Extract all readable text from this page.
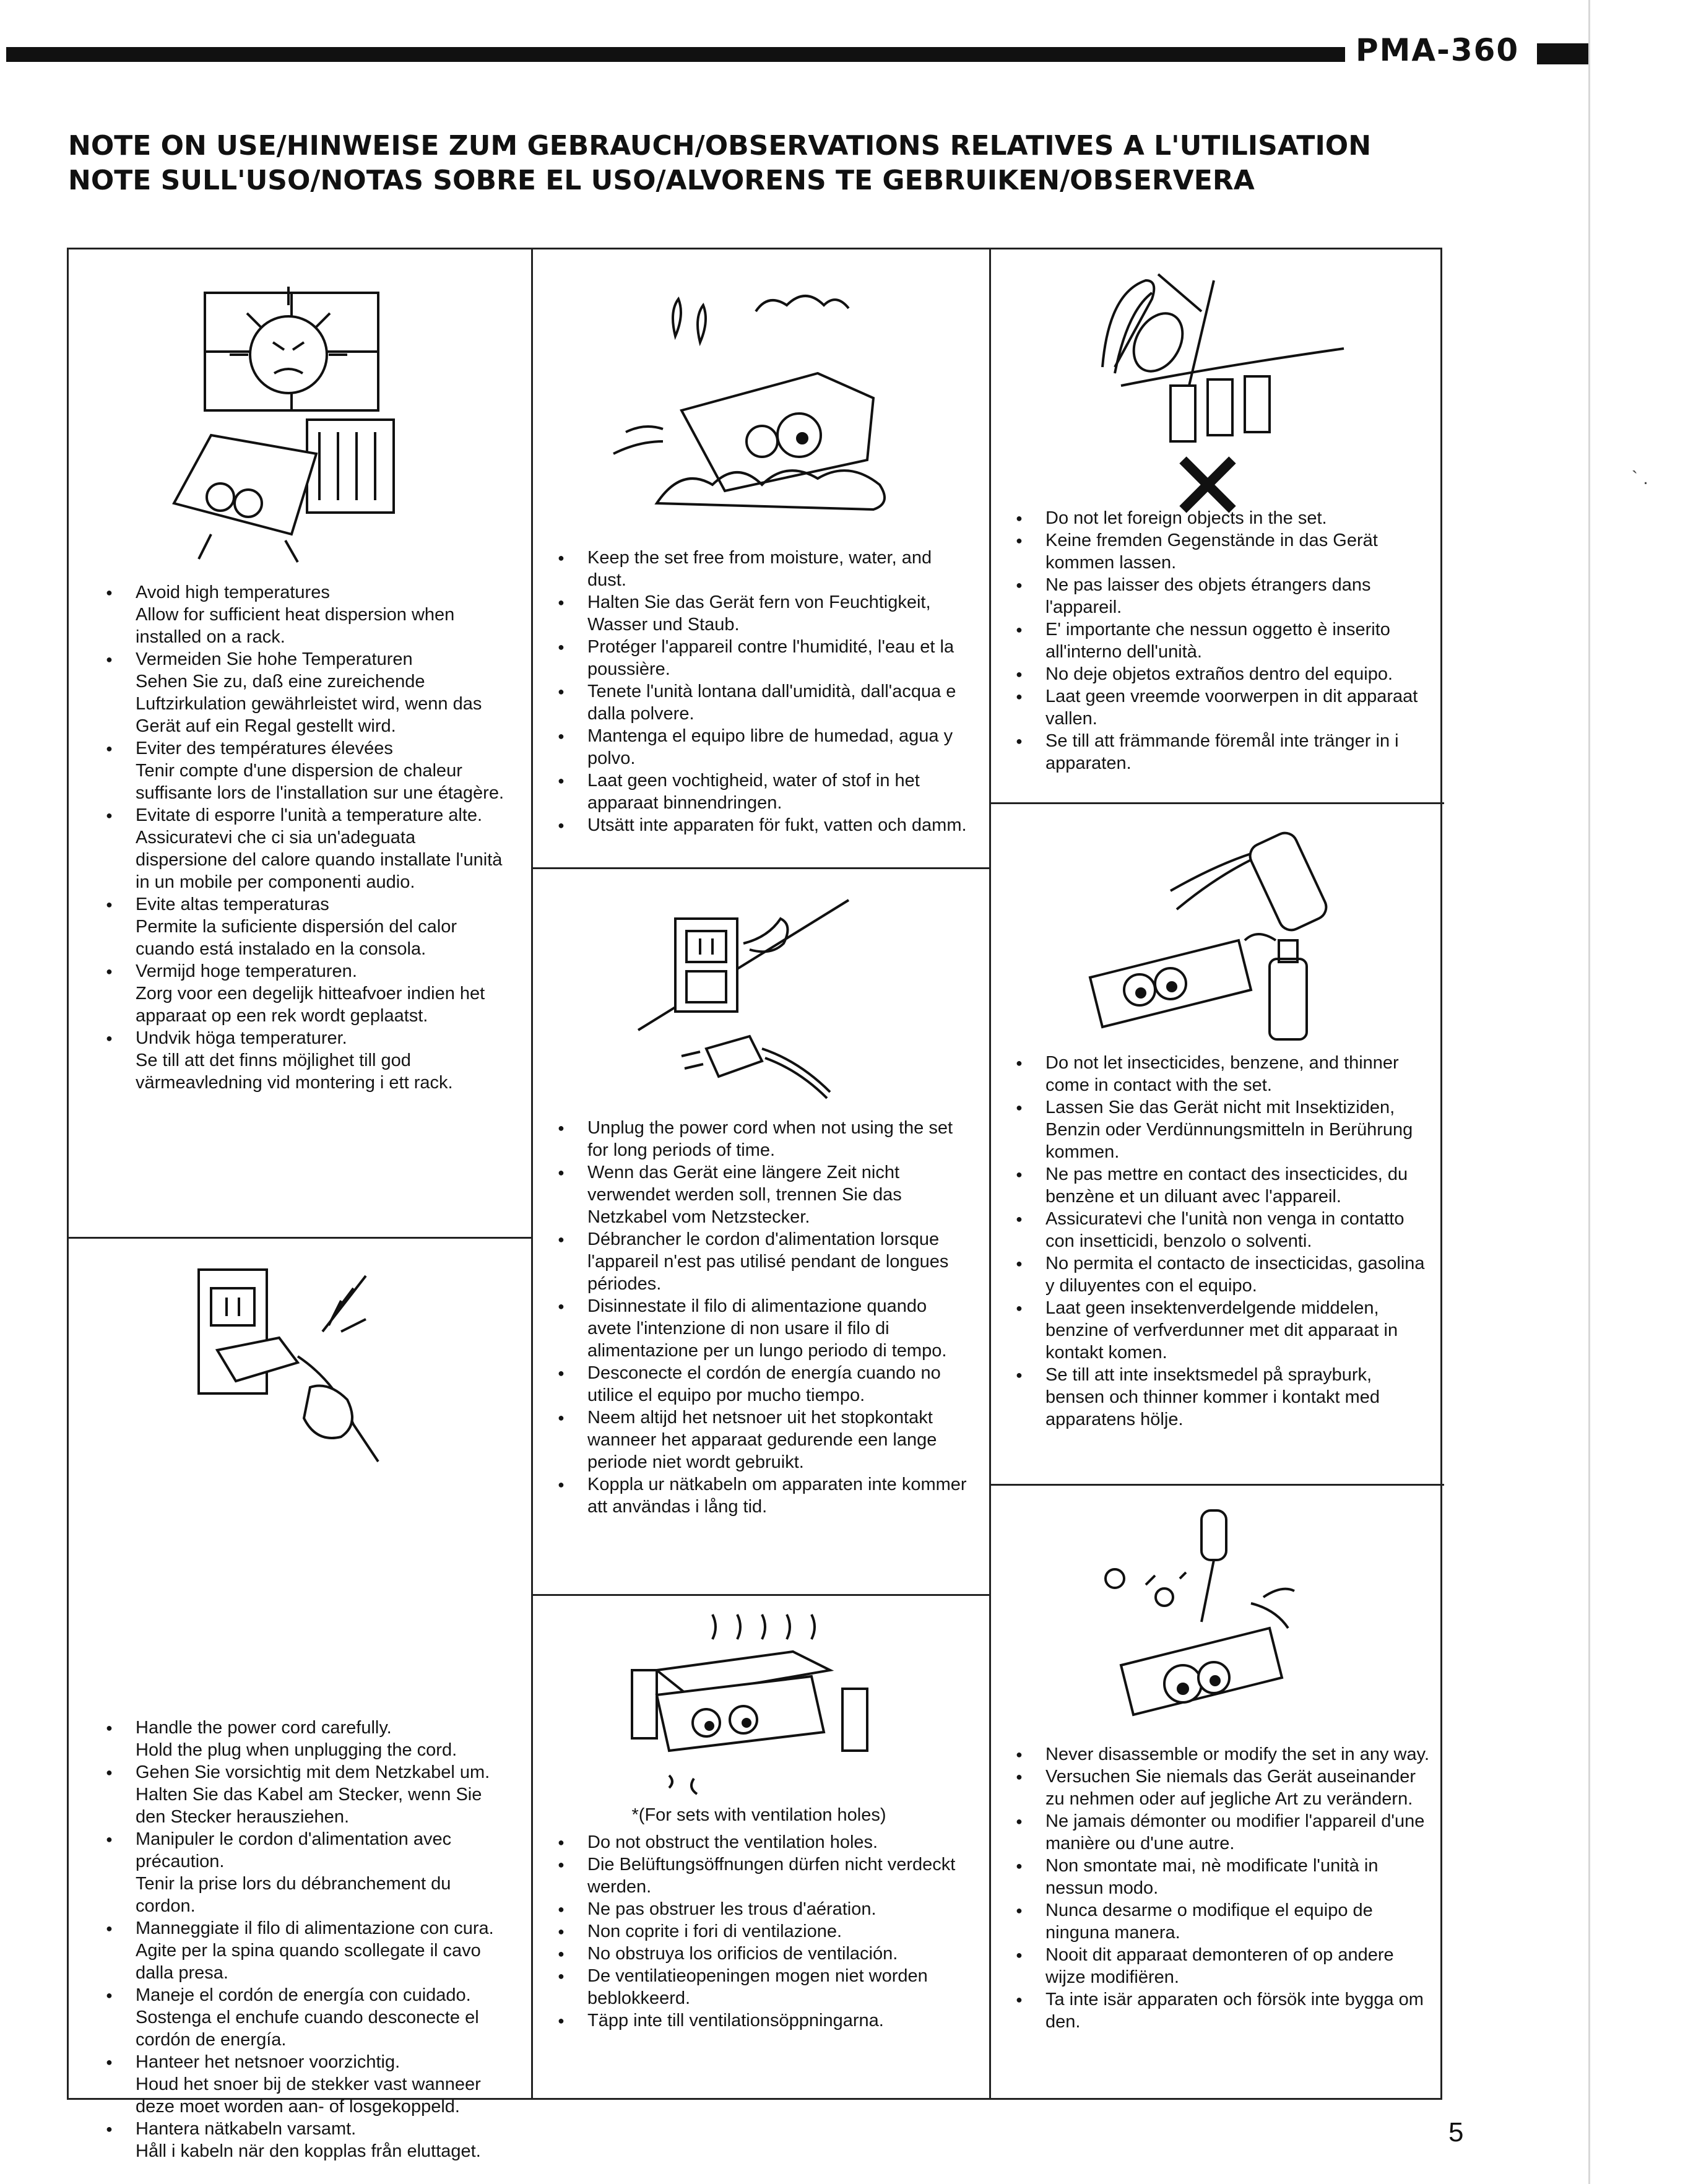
PMA-360
NOTE ON USE/HINWEISE ZUM GEBRAUCH/OBSERVATIONS RELATIVES A L'UTILISATION
NOTE SULL'USO/NOTAS SOBRE EL USO/ALVORENS TE GEBRUIKEN/OBSERVERA
● Avoid high temperatures
Allow for sufficient heat dispersion when installed on a rack.
● Vermeiden Sie hohe Temperaturen
Sehen Sie zu, daß eine zureichende Luftzirkulation gewährleistet wird, wenn das Gerät auf ein Regal gestellt wird.
● Eviter des températures élevées
Tenir compte d'une dispersion de chaleur suffisante lors de l'installation sur une étagère.
● Evitate di esporre l'unità a temperature alte.
Assicuratevi che ci sia un'adeguata dispersione del calore quando installate l'unità in un mobile per componenti audio.
● Evite altas temperaturas
Permite la suficiente dispersión del calor cuando está instalado en la consola.
● Vermijd hoge temperaturen.
Zorg voor een degelijk hitteafvoer indien het apparaat op een rek wordt geplaatst.
● Undvik höga temperaturer.
Se till att det finns möjlighet till god värmeavledning vid montering i ett rack.
● Handle the power cord carefully.
Hold the plug when unplugging the cord.
● Gehen Sie vorsichtig mit dem Netzkabel um.
Halten Sie das Kabel am Stecker, wenn Sie den Stecker herausziehen.
● Manipuler le cordon d'alimentation avec précaution.
Tenir la prise lors du débranchement du cordon.
● Manneggiate il filo di alimentazione con cura.
Agite per la spina quando scollegate il cavo dalla presa.
● Maneje el cordón de energía con cuidado.
Sostenga el enchufe cuando desconecte el cordón de energía.
● Hanteer het netsnoer voorzichtig.
Houd het snoer bij de stekker vast wanneer deze moet worden aan- of losgekoppeld.
● Hantera nätkabeln varsamt.
Håll i kabeln när den kopplas från eluttaget.
● Keep the set free from moisture, water, and dust.
● Halten Sie das Gerät fern von Feuchtigkeit, Wasser und Staub.
● Protéger l'appareil contre l'humidité, l'eau et la poussière.
● Tenete l'unità lontana dall'umidità, dall'acqua e dalla polvere.
● Mantenga el equipo libre de humedad, agua y polvo.
● Laat geen vochtigheid, water of stof in het apparaat binnendringen.
● Utsätt inte apparaten för fukt, vatten och damm.
● Unplug the power cord when not using the set for long periods of time.
● Wenn das Gerät eine längere Zeit nicht verwendet werden soll, trennen Sie das Netzkabel vom Netzstecker.
● Débrancher le cordon d'alimentation lorsque l'appareil n'est pas utilisé pendant de longues périodes.
● Disinnestate il filo di alimentazione quando avete l'intenzione di non usare il filo di alimentazione per un lungo periodo di tempo.
● Desconecte el cordón de energía cuando no utilice el equipo por mucho tiempo.
● Neem altijd het netsnoer uit het stopkontakt wanneer het apparaat gedurende een lange periode niet wordt gebruikt.
● Koppla ur nätkabeln om apparaten inte kommer att användas i lång tid.
*(For sets with ventilation holes)
● Do not obstruct the ventilation holes.
● Die Belüftungsöffnungen dürfen nicht verdeckt werden.
● Ne pas obstruer les trous d'aération.
● Non coprite i fori di ventilazione.
● No obstruya los orificios de ventilación.
● De ventilatieopeningen mogen niet worden beblokkeerd.
● Täpp inte till ventilationsöppningarna.
● Do not let foreign objects in the set.
● Keine fremden Gegenstände in das Gerät kommen lassen.
● Ne pas laisser des objets étrangers dans l'appareil.
● E' importante che nessun oggetto è inserito all'interno dell'unità.
● No deje objetos extraños dentro del equipo.
● Laat geen vreemde voorwerpen in dit apparaat vallen.
● Se till att främmande föremål inte tränger in i apparaten.
● Do not let insecticides, benzene, and thinner come in contact with the set.
● Lassen Sie das Gerät nicht mit Insektiziden, Benzin oder Verdünnungsmitteln in Berührung kommen.
● Ne pas mettre en contact des insecticides, du benzène et un diluant avec l'appareil.
● Assicuratevi che l'unità non venga in contatto con insetticidi, benzolo o solventi.
● No permita el contacto de insecticidas, gasolina y diluyentes con el equipo.
● Laat geen insektenverdelgende middelen, benzine of verfverdunner met dit apparaat in kontakt komen.
● Se till att inte insektsmedel på sprayburk, bensen och thinner kommer i kontakt med apparatens hölje.
● Never disassemble or modify the set in any way.
● Versuchen Sie niemals das Gerät auseinander zu nehmen oder auf jegliche Art zu verändern.
● Ne jamais démonter ou modifier l'appareil d'une manière ou d'une autre.
● Non smontate mai, nè modificate l'unità in nessun modo.
● Nunca desarme o modifique el equipo de ninguna manera.
● Nooit dit apparaat demonteren of op andere wijze modifiëren.
● Ta inte isär apparaten och försök inte bygga om den.
` .
5
